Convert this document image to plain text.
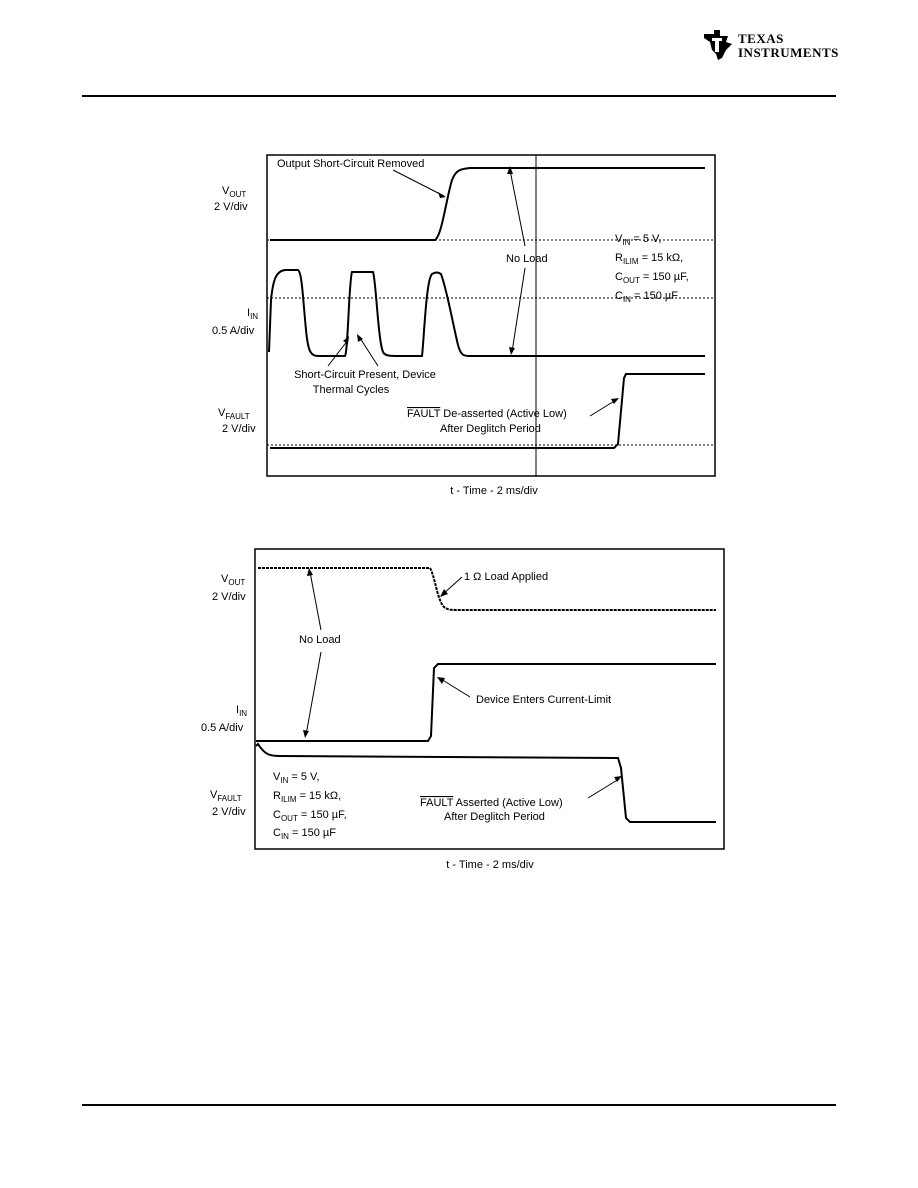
TEXAS
INSTRUMENTS
Output Short-Circuit Removed
No Load
Short-Circuit Present, Device
Thermal Cycles
FAULT De-asserted (Active Low)
After Deglitch Period
$V_{IN} = 5$ V,
$R_{ILIM} = 15$ kΩ,
$C_{OUT} = 150$ µF,
$C_{IN} = 150$ µF
$V_{OUT}$
2 V/div
$I_{IN}$
0.5 A/div
$V_{FAULT}$
2 V/div
t - Time - 2 ms/div
1 Ω Load Applied
No Load
Device Enters Current-Limit
FAULT Asserted (Active Low)
After Deglitch Period
$V_{IN} = 5$ V,
$R_{ILIM} = 15$ kΩ,
$C_{OUT} = 150$ µF,
$C_{IN} = 150$ µF
$V_{OUT}$
2 V/div
$I_{IN}$
0.5 A/div
$V_{FAULT}$
2 V/div
t - Time - 2 ms/div
